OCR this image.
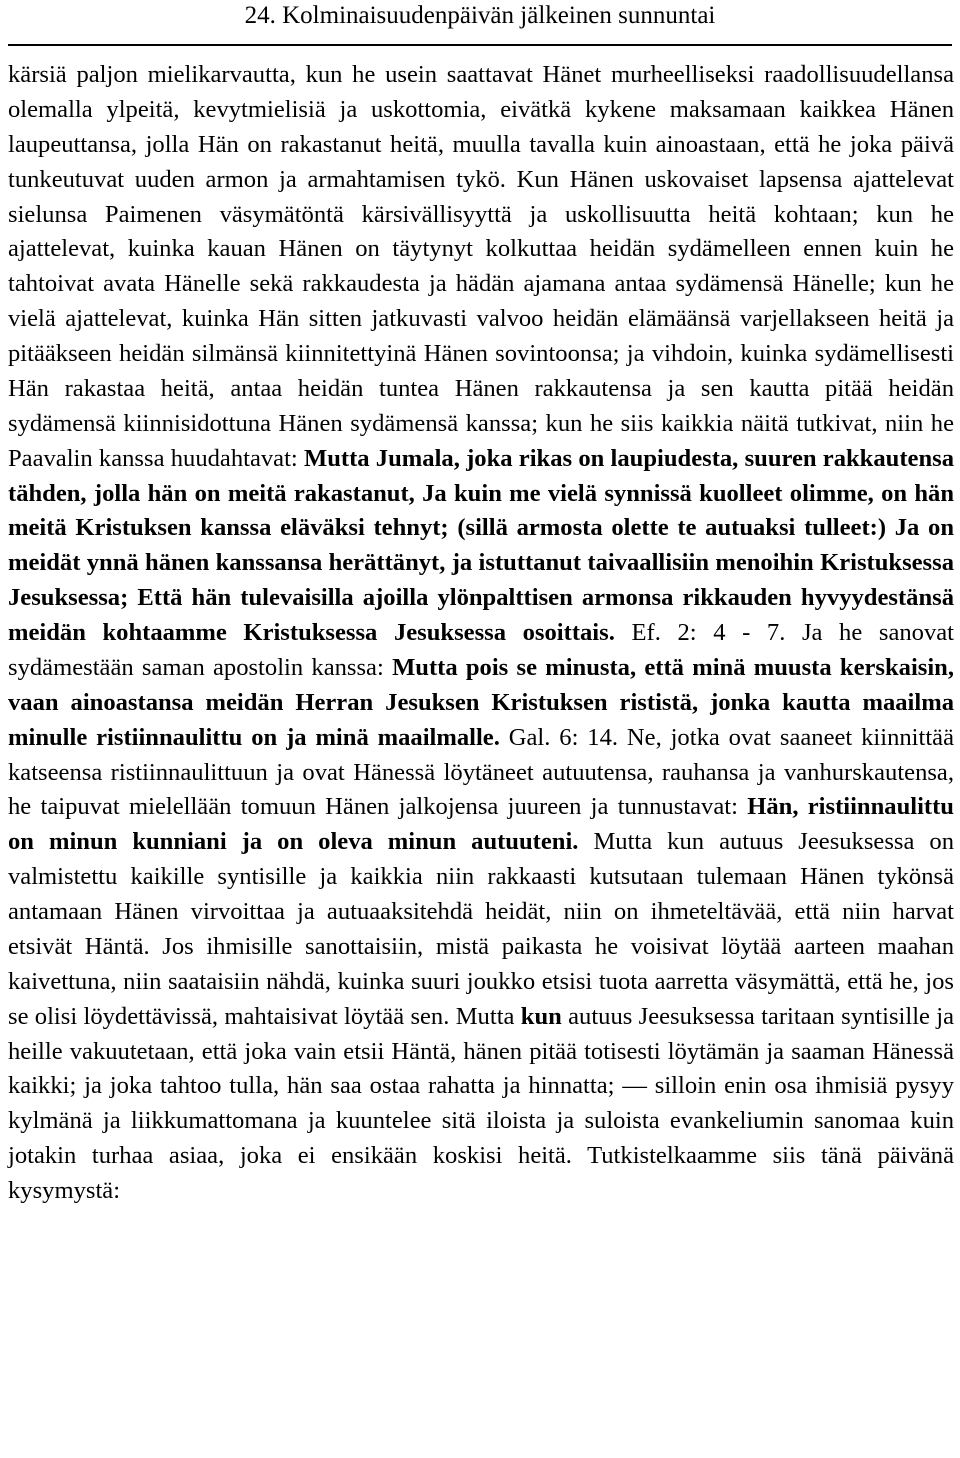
24. Kolminaisuudenpäivän jälkeinen sunnuntai

kärsiä paljon mielikarvautta, kun he usein saattavat Hänet murheelliseksi raadollisuudellansa olemalla ylpeitä, kevytmielisiä ja uskottomia, eivätkä kykene maksamaan kaikkea Hänen laupeuttansa, jolla Hän on rakastanut heitä, muulla tavalla kuin ainoastaan, että he joka päivä tunkeutuvat uuden armon ja armahtamisen tykö. Kun Hänen uskovaiset lapsensa ajattelevat sielunsa Paimenen väsymätöntä kärsivällisyyttä ja uskollisuutta heitä kohtaan; kun he ajattelevat, kuinka kauan Hänen on täytynyt kolkuttaa heidän sydämelleen ennen kuin he tahtoivat avata Hänelle sekä rakkaudesta ja hädän ajamana antaa sydämensä Hänelle; kun he vielä ajattelevat, kuinka Hän sitten jatkuvasti valvoo heidän elämäänsä varjellakseen heitä ja pitääkseen heidän silmänsä kiinnitettyinä Hänen sovintoonsa; ja vihdoin, kuinka sydämellisesti Hän rakastaa heitä, antaa heidän tuntea Hänen rakkautensa ja sen kautta pitää heidän sydämensä kiinnisidottuna Hänen sydämensä kanssa; kun he siis kaikkia näitä tutkivat, niin he Paavalin kanssa huudahtavat: Mutta Jumala, joka rikas on laupiudesta, suuren rakkautensa tähden, jolla hän on meitä rakastanut, Ja kuin me vielä synnissä kuolleet olimme, on hän meitä Kristuksen kanssa eläväksi tehnyt; (sillä armosta olette te autuaksi tulleet:) Ja on meidät ynnä hänen kanssansa herättänyt, ja istuttanut taivaallisiin menoihin Kristuksessa Jesuksessa; Että hän tulevaisilla ajoilla ylönpalttisen armonsa rikkauden hyvyydestänsä meidän kohtaamme Kristuksessa Jesuksessa osoittais. Ef. 2: 4 - 7. Ja he sanovat sydämestään saman apostolin kanssa: Mutta pois se minusta, että minä muusta kerskaisin, vaan ainoastansa meidän Herran Jesuksen Kristuksen rististä, jonka kautta maailma minulle ristiinnaulittu on ja minä maailmalle. Gal. 6: 14. Ne, jotka ovat saaneet kiinnittää katseensa ristiinnaulittuun ja ovat Hänessä löytäneet autuutensa, rauhansa ja vanhurskautensa, he taipuvat mielellään tomuun Hänen jalkojensa juureen ja tunnustavat: Hän, ristiinnaulittu on minun kunniani ja on oleva minun autuuteni. Mutta kun autuus Jeesuksessa on valmistettu kaikille syntisille ja kaikkia niin rakkaasti kutsutaan tulemaan Hänen tykönsä antamaan Hänen virvoittaa ja autuaaksitehdä heidät, niin on ihmeteltävää, että niin harvat etsivät Häntä. Jos ihmisille sanottaisiin, mistä paikasta he voisivat löytää aarteen maahan kaivettuna, niin saataisiin nähdä, kuinka suuri joukko etsisi tuota aarretta väsymättä, että he, jos se olisi löydettävissä, mahtaisivat löytää sen. Mutta kun autuus Jeesuksessa taritaan syntisille ja heille vakuutetaan, että joka vain etsii Häntä, hänen pitää totisesti löytämän ja saaman Hänessä kaikki; ja joka tahtoo tulla, hän saa ostaa rahatta ja hinnatta; — silloin enin osa ihmisiä pysyy kylmänä ja liikkumattomana ja kuuntelee sitä iloista ja suloista evankeliumin sanomaa kuin jotakin turhaa asiaa, joka ei ensikään koskisi heitä. Tutkistelkaamme siis tänä päivänä kysymystä:
